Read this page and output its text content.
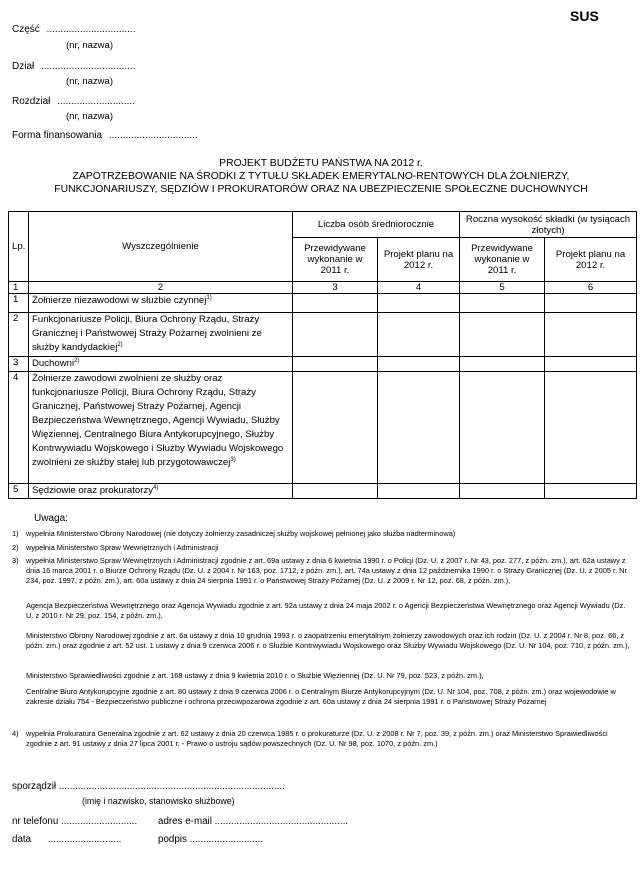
SUS
Część ................................
(nr, nazwa)
Dział ..................................
(nr, nazwa)
Rozdział ............................
(nr, nazwa)
Forma finansowania ................................
PROJEKT BUDŻETU PAŃSTWA NA 2012 r.
ZAPOTRZEBOWANIE NA ŚRODKI Z TYTUŁU SKŁADEK EMERYTALNO-RENTOWYCH DLA ŻOŁNIERZY,
FUNKCJONARIUSZY, SĘDZIÓW I PROKURATORÓW ORAZ NA UBEZPIECZENIE SPOŁECZNE DUCHOWNYCH
Lp.	Wyszczególnienie	Liczba osób średniorocznie		Roczna wysokość składki (w tysiącach złotych)	
		Przewidywane wykonanie w 2011 r.	Projekt planu na 2012 r.	Przewidywane wykonanie w 2011 r.	Projekt planu na 2012 r.
1	2	3	4	5	6
1	Żołnierze niezawodowi w służbie czynnej$^{1)}$				
2	Funkcjonariusze Policji, Biura Ochrony Rządu, Straży Granicznej i Państwowej Straży Pożarnej zwolnieni ze służby kandydackiej$^{2)}$				
3	Duchowni$^{2)}$				
4	Żołnierze zawodowi zwolnieni ze służby oraz funkcjonariusze Policji, Biura Ochrony Rządu, Straży Granicznej, Państwowej Straży Pożarnej, Agencji Bezpieczeństwa Wewnętrznego, Agencji Wywiadu, Służby Więziennej, Centralnego Biura Antykorupcyjnego, Służby Kontrwywiadu Wojskowego i Służby Wywiadu Wojskowego zwolnieni ze służby stałej lub przygotowawczej$^{3)}$				
5	Sędziowie oraz prokuratorzy$^{4)}$				
Uwaga:
1)	wypełnia Ministerstwo Obrony Narodowej (nie dotyczy żołnierzy zasadniczej służby wojskowej pełnionej jako służba nadterminowa)
2)	wypełnia Ministerstwo Spraw Wewnętrznych i Administracji
3)	wypełnia Ministerstwo Spraw Wewnętrznych i Administracji zgodnie z art. 69a ustawy z dnia 6 kwietnia 1990 r. o Policji (Dz. U. z 2007 r. Nr 43, poz. 277, z późn. zm.), art. 62a ustawy z dnia 16 marca 2001 r. o Biurze Ochrony Rządu (Dz. U. z 2004 r. Nr 163, poz. 1712, z późn. zm.), art. 74a ustawy z dnia 12 października 1990 r. o Straży Granicznej (Dz. U. z 2005 r. Nr 234, poz. 1997, z późn. zm.), art. 60a ustawy z dnia 24 sierpnia 1991 r. o Państwowej Straży Pożarnej (Dz. U. z 2009 r. Nr 12, poz. 68, z późn. zm.),
Agencja Bezpieczeństwa Wewnętrznego oraz Agencja Wywiadu zgodnie z art. 92a ustawy z dnia 24 maja 2002 r. o Agencji Bezpieczeństwa Wewnętrznego oraz Agencji Wywiadu (Dz. U. z 2010 r. Nr 29, poz. 154, z późn. zm.),
Ministerstwo Obrony Narodowej zgodnie z art. 6a ustawy z dnia 10 grudnia 1993 r. o zaopatrzeniu emerytalnym żołnierzy zawodowych oraz ich rodzin (Dz. U. z 2004 r. Nr 8, poz. 66, z późn. zm.) oraz zgodnie z art. 52 ust. 1 ustawy z dnia 9 czerwca 2006 r. o Służbie Kontrwywiadu Wojskowego oraz Służby Wywiadu Wojskowego (Dz. U. Nr 104, poz. 710, z późn. zm.),
Ministerstwo Sprawiedliwości zgodnie z art. 168 ustawy z dnia 9 kwietnia 2010 r. o Służbie Więziennej (Dz. U. Nr 79, poz. 523, z późn. zm.),
Centralne Biuro Antykorupcyjne zgodnie z art. 80 ustawy z dnia 9 czerwca 2006 r. o Centralnym Biurze Antykorupcyjnym (Dz. U. Nr 104, poz. 708, z późn. zm.) oraz wojewodowie w zakresie działu 754 - Bezpieczeństwo publiczne i ochrona przeciwpożarowa zgodnie z art. 60a ustawy z dnia 24 sierpnia 1991 r. o Państwowej Straży Pożarnej
4)	wypełnia Prokuratura Generalna zgodnie z art. 62 ustawy z dnia 20 czerwca 1985 r. o prokuraturze (Dz. U. z 2008 r. Nr 7, poz. 39, z późn. zm.) oraz Ministerstwo Sprawiedliwości zgodnie z art. 91 ustawy z dnia 27 lipca 2001 r. - Prawo o ustroju sądów powszechnych (Dz. U. Nr 98, poz. 1070, z późn. zm.)
sporządził ...................................................................................
(imię i nazwisko, stanowisko służbowe)
nr telefonu ............................ adres e-mail .................................................
data ...........................	podpis ...........................
